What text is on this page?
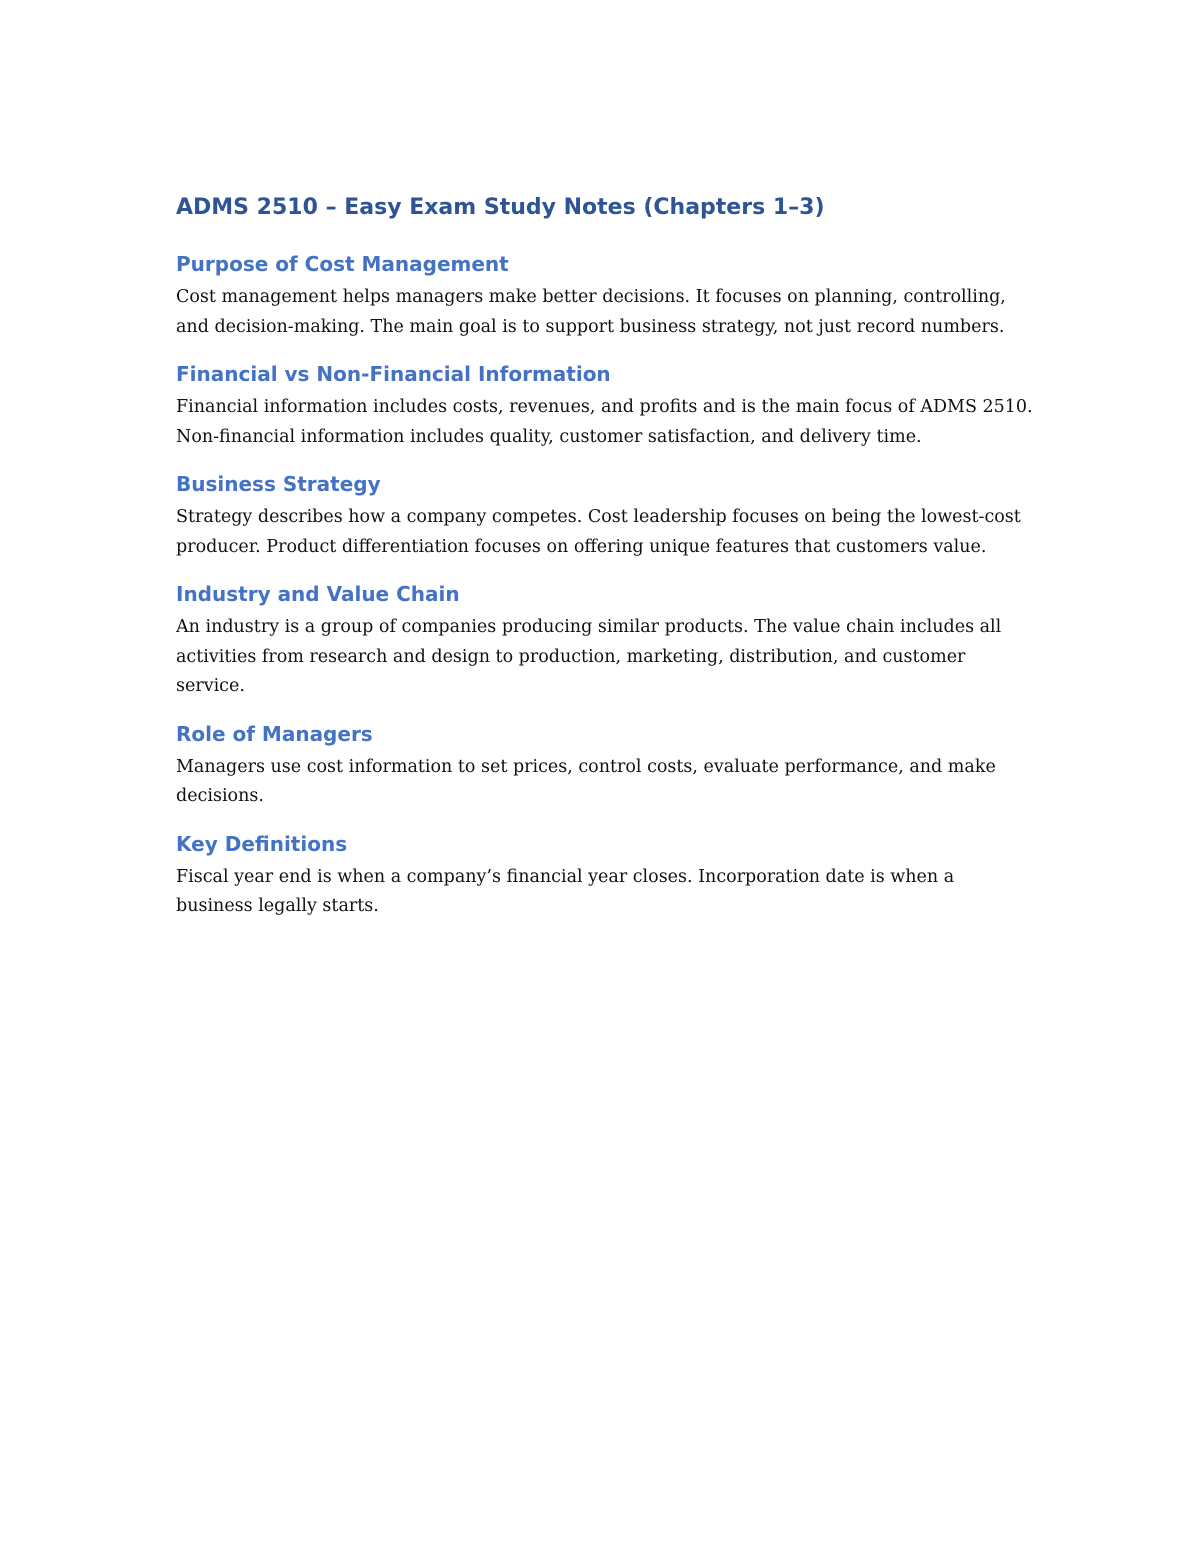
ADMS 2510 – Easy Exam Study Notes (Chapters 1–3)
Purpose of Cost Management

Cost management helps managers make better decisions. It focuses on planning, controlling, and decision-making. The main goal is to support business strategy, not just record numbers.

Financial vs Non-Financial Information

Financial information includes costs, revenues, and profits and is the main focus of ADMS 2510. Non-financial information includes quality, customer satisfaction, and delivery time.

Business Strategy

Strategy describes how a company competes. Cost leadership focuses on being the lowest-cost producer. Product differentiation focuses on offering unique features that customers value.

Industry and Value Chain

An industry is a group of companies producing similar products. The value chain includes all activities from research and design to production, marketing, distribution, and customer service.

Role of Managers

Managers use cost information to set prices, control costs, evaluate performance, and make decisions.

Key Definitions

Fiscal year end is when a company’s financial year closes. Incorporation date is when a business legally starts.
